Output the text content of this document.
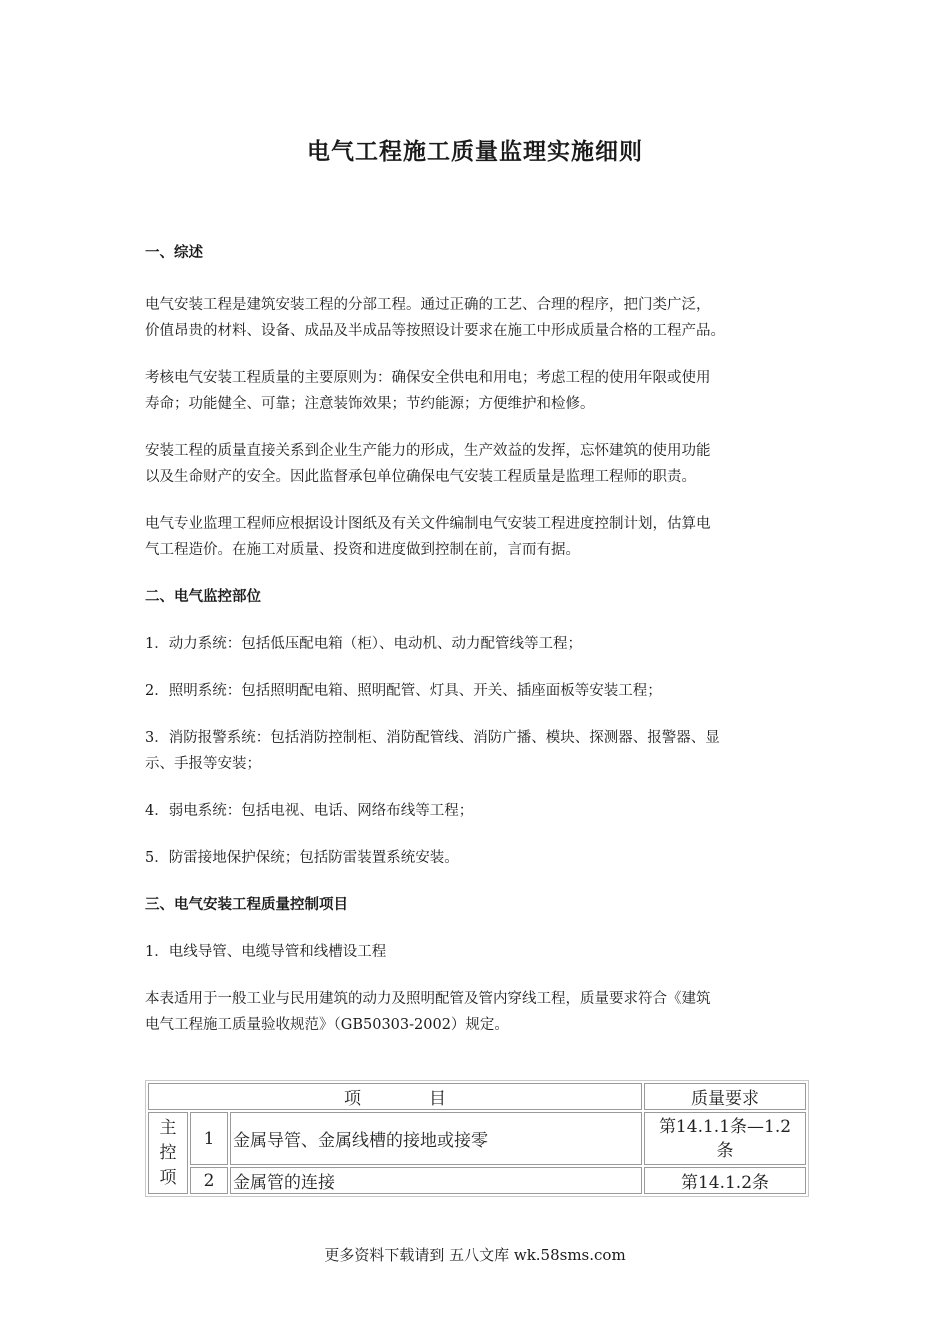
电气工程施工质量监理实施细则

一、综述

电气安装工程是建筑安装工程的分部工程。通过正确的工艺、合理的程序，把门类广泛，

价值昂贵的材料、设备、成品及半成品等按照设计要求在施工中形成质量合格的工程产品。

考核电气安装工程质量的主要原则为：确保安全供电和用电；考虑工程的使用年限或使用

寿命；功能健全、可靠；注意装饰效果；节约能源；方便维护和检修。

安装工程的质量直接关系到企业生产能力的形成，生产效益的发挥，忘怀建筑的使用功能

以及生命财产的安全。因此监督承包单位确保电气安装工程质量是监理工程师的职责。

电气专业监理工程师应根据设计图纸及有关文件编制电气安装工程进度控制计划，估算电

气工程造价。在施工对质量、投资和进度做到控制在前，言而有据。

二、电气监控部位

1．动力系统：包括低压配电箱（柜）、电动机、动力配管线等工程；

2．照明系统：包括照明配电箱、照明配管、灯具、开关、插座面板等安装工程；

3．消防报警系统：包括消防控制柜、消防配管线、消防广播、模块、探测器、报警器、显

示、手报等安装；

4．弱电系统：包括电视、电话、网络布线等工程；

5．防雷接地保护保统；包括防雷装置系统安装。

三、电气安装工程质量控制项目

1．电线导管、电缆导管和线槽设工程

本表适用于一般工业与民用建筑的动力及照明配管及管内穿线工程，质量要求符合《建筑

电气工程施工质量验收规范》（GB50303-2002）规定。

项　　　　目			质量要求
主
控
项	1	金属导管、金属线槽的接地或接零	第14.1.1条—1.2
条
	2	金属管的连接	第14.1.2条
更多资料下载请到 五八文库 wk.58sms.com
